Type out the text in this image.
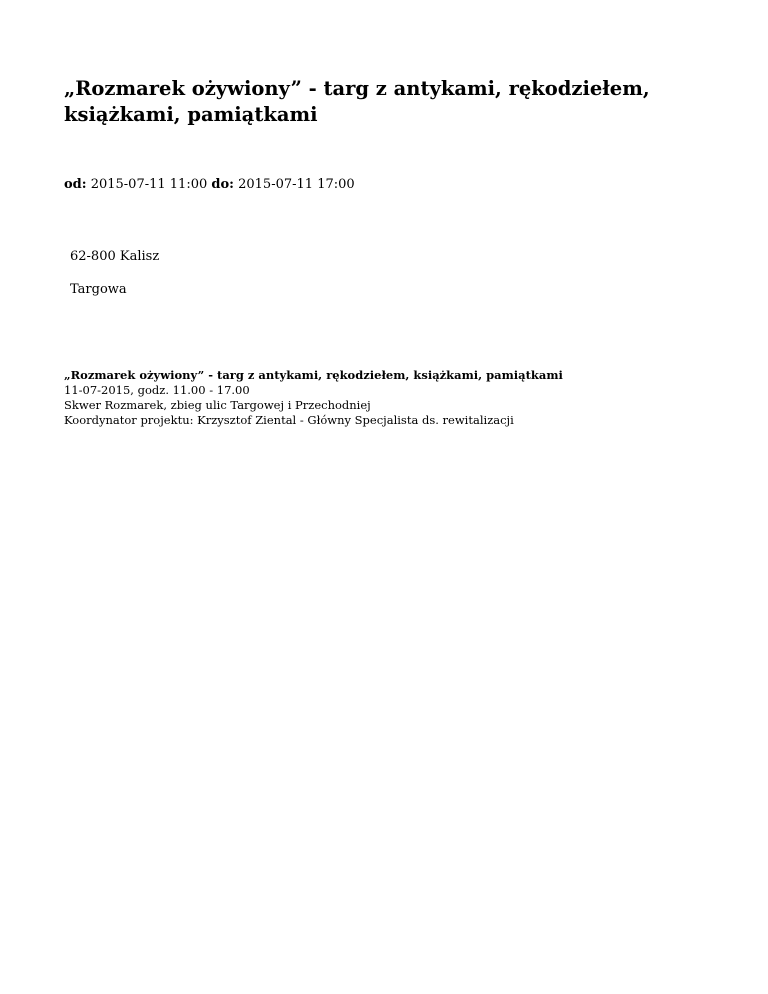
„Rozmarek ożywiony” - targ z antykami, rękodziełem, książkami, pamiątkami
od: 2015-07-11 11:00 do: 2015-07-11 17:00
62-800 Kalisz
Targowa
„Rozmarek ożywiony” - targ z antykami, rękodziełem, książkami, pamiątkami
11-07-2015, godz. 11.00 - 17.00
Skwer Rozmarek, zbieg ulic Targowej i Przechodniej
Koordynator projektu: Krzysztof Ziental - Główny Specjalista ds. rewitalizacji
